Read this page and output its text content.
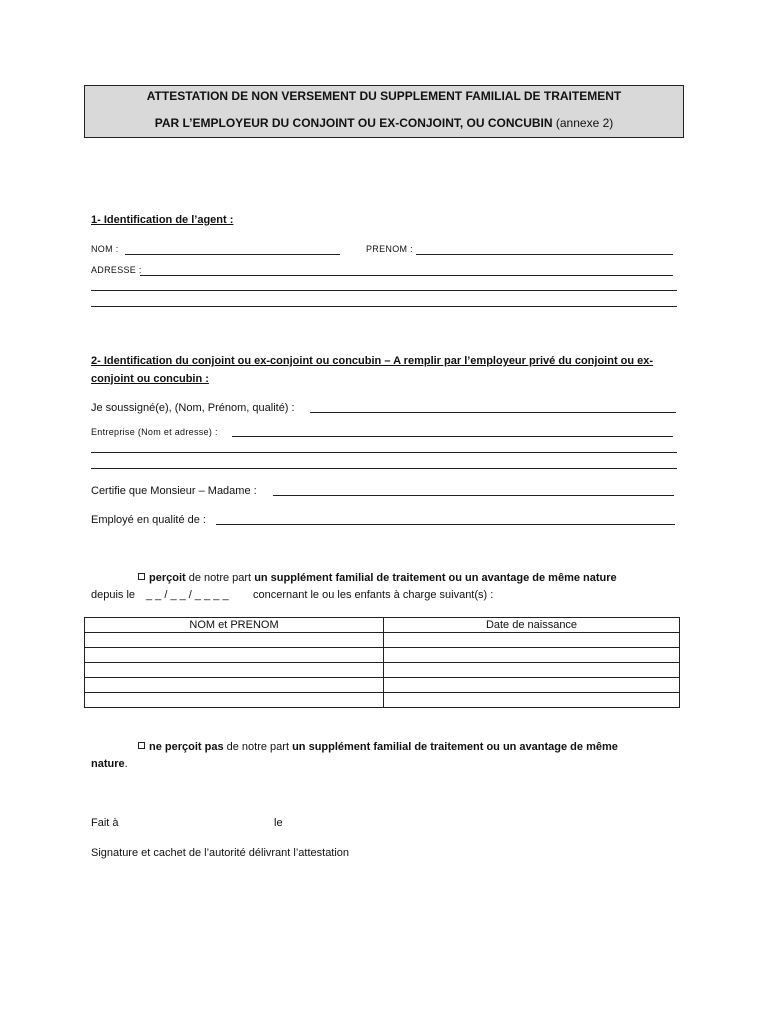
ATTESTATION DE NON VERSEMENT DU SUPPLEMENT FAMILIAL DE TRAITEMENT
PAR L’EMPLOYEUR DU CONJOINT OU EX-CONJOINT, OU CONCUBIN (annexe 2)
1- Identification de l’agent :
NOM :	PRENOM :
ADRESSE :
2- Identification du conjoint ou ex-conjoint ou concubin – A remplir par l’employeur privé du conjoint ou ex-
conjoint ou concubin :
Je soussigné(e), (Nom, Prénom, qualité) :
Entreprise (Nom et adresse) :
Certifie que Monsieur – Madame :
Employé en qualité de :
perçoit de notre part un supplément familial de traitement ou un avantage de même nature
depuis le _ _ / _ _ / _ _ _ _ concernant le ou les enfants à charge suivant(s) :
NOM et PRENOM	Date de naissance

ne perçoit pas de notre part un supplément familial de traitement ou un avantage de même
nature.
Fait à	le
Signature et cachet de l’autorité délivrant l’attestation
